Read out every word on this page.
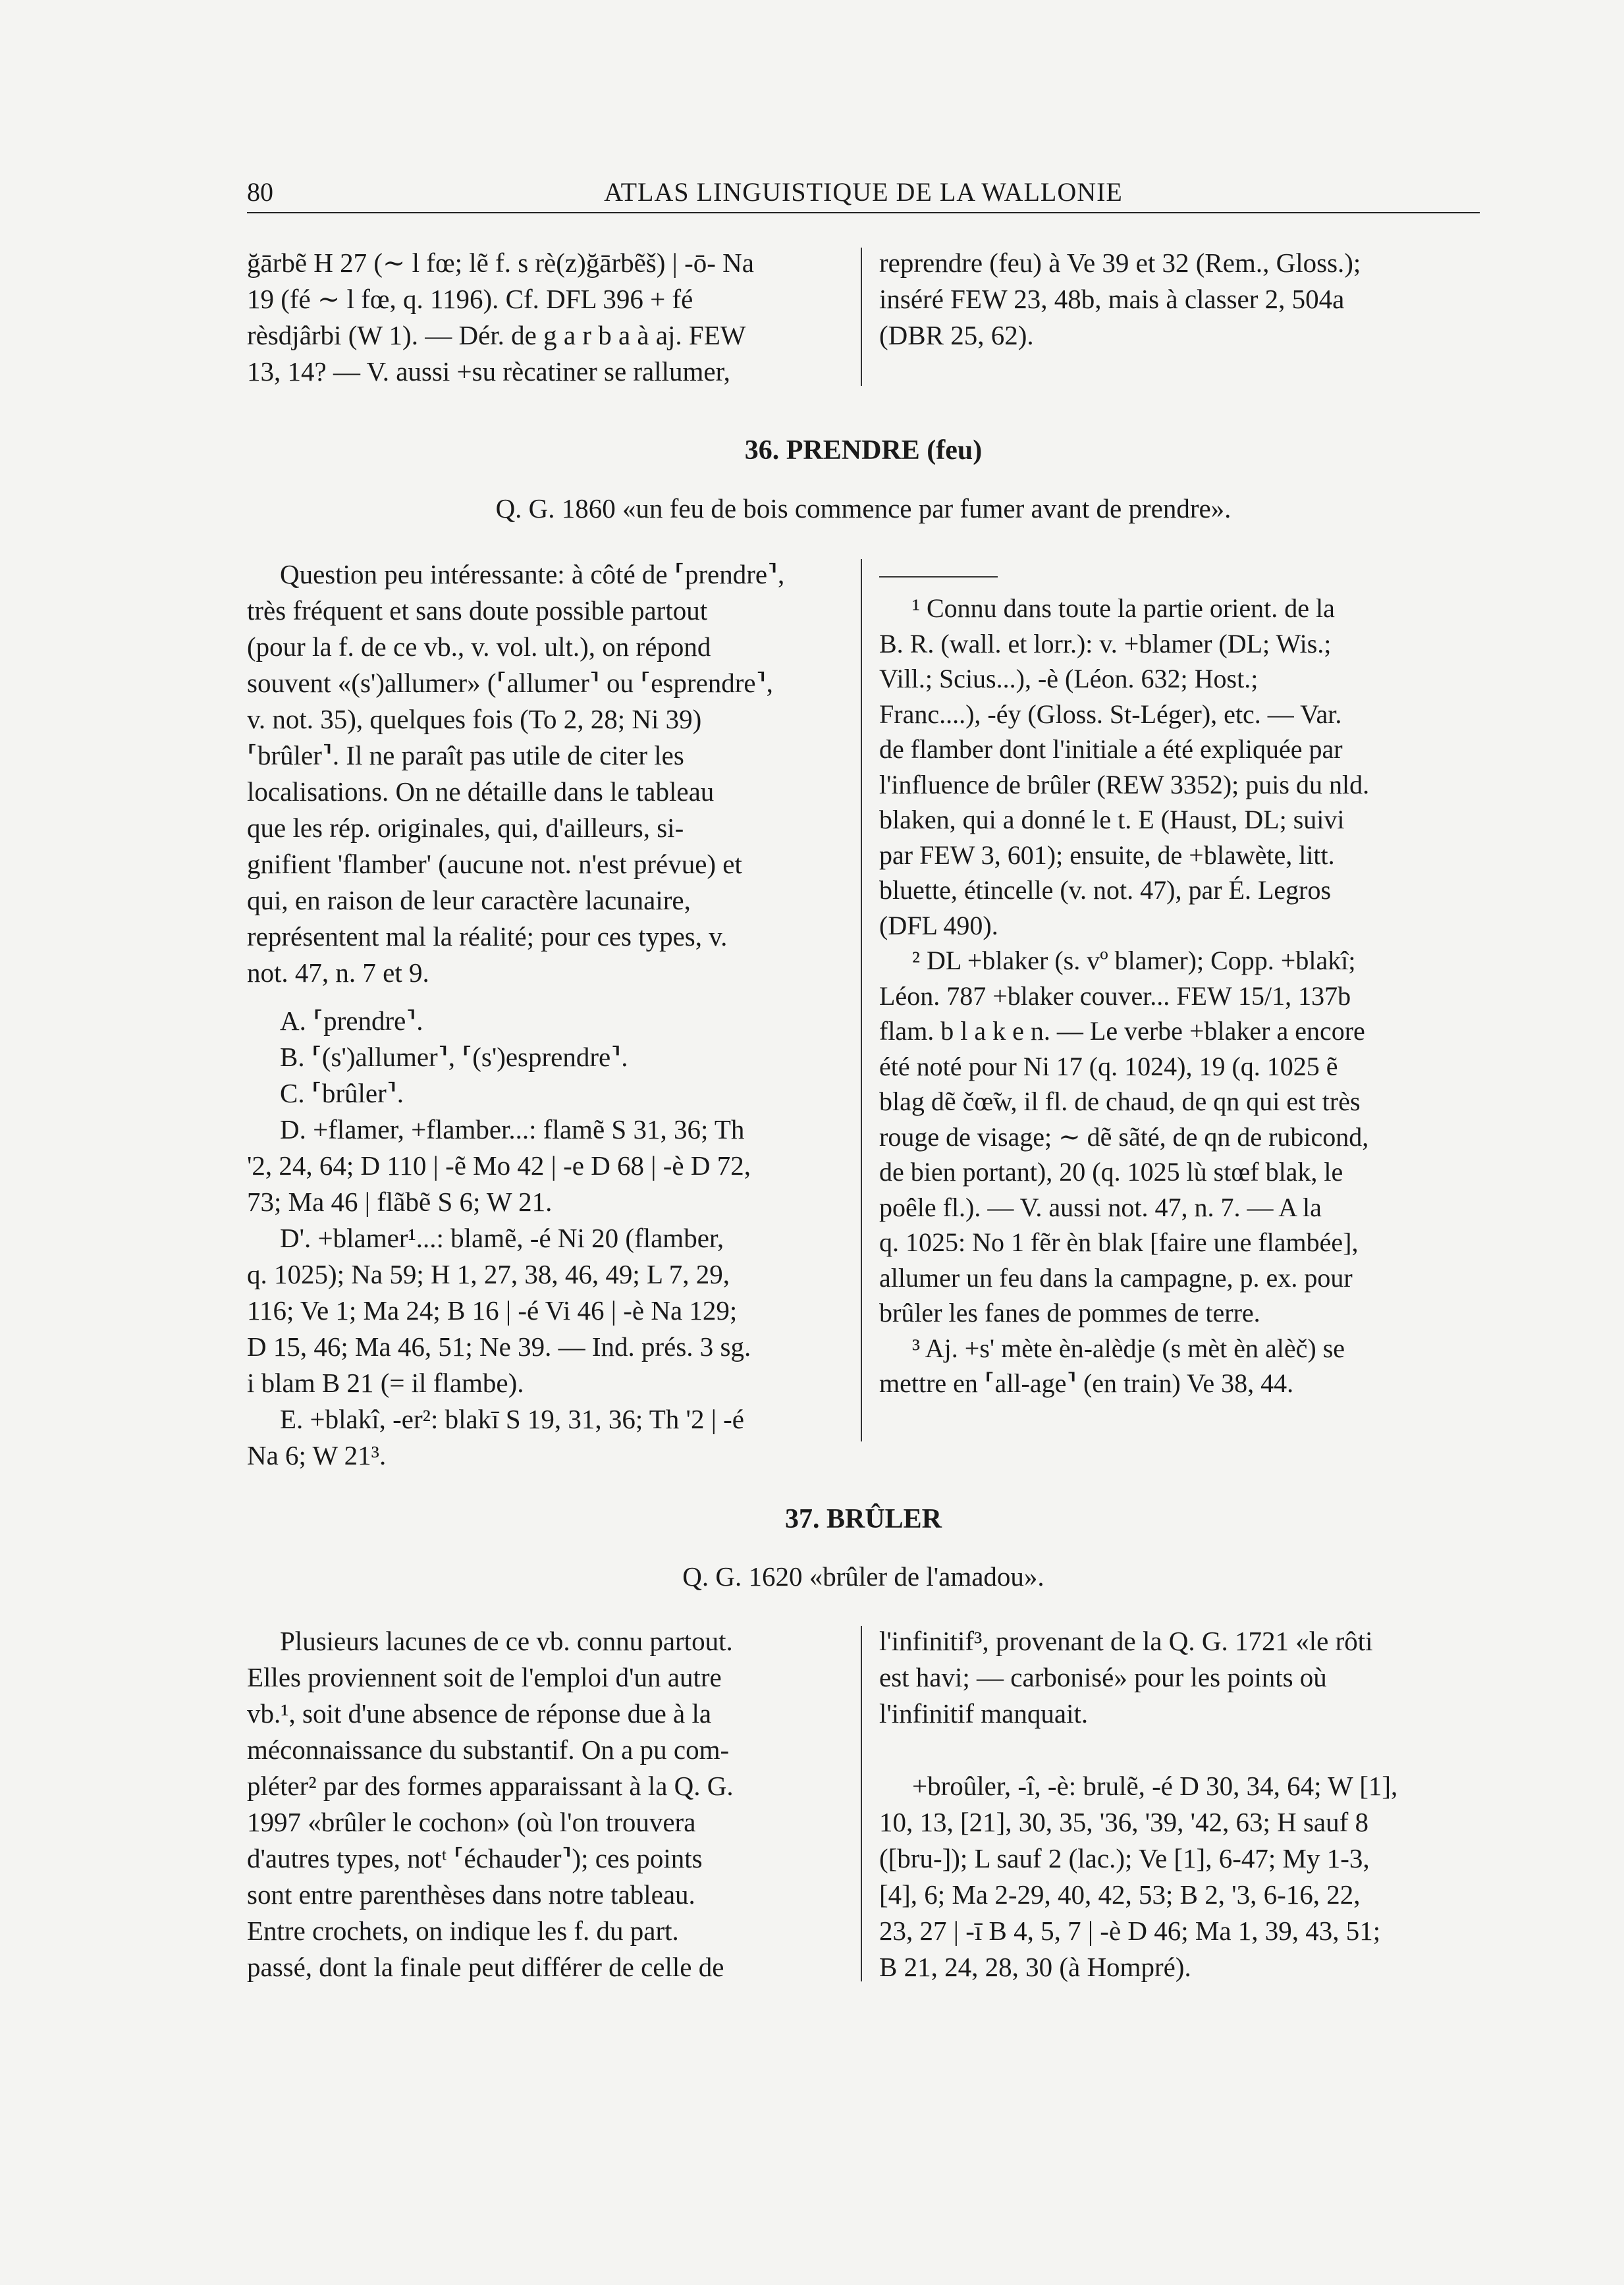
80	ATLAS LINGUISTIQUE DE LA WALLONIE

ğārbẽ H 27 (∼ l fœ; lẽ f. s rè(z)ğārbẽš) | -ō- Na

19 (fé ∼ l fœ, q. 1196). Cf. DFL 396 + fé

rèsdjârbi (W 1). — Dér. de g a r b a à aj. FEW

13, 14? — V. aussi +su rècatiner se rallumer,

reprendre (feu) à Ve 39 et 32 (Rem., Gloss.);

inséré FEW 23, 48b, mais à classer 2, 504a

(DBR 25, 62).

36. PRENDRE (feu)
Q. G. 1860 «un feu de bois commence par fumer avant de prendre».

Question peu intéressante: à côté de ⸢prendre⸣,

très fréquent et sans doute possible partout

(pour la f. de ce vb., v. vol. ult.), on répond

souvent «(s')allumer» (⸢allumer⸣ ou ⸢esprendre⸣,

v. not. 35), quelques fois (To 2, 28; Ni 39)

⸢brûler⸣. Il ne paraît pas utile de citer les

localisations. On ne détaille dans le tableau

que les rép. originales, qui, d'ailleurs, si-

gnifient 'flamber' (aucune not. n'est prévue) et

qui, en raison de leur caractère lacunaire,

représentent mal la réalité; pour ces types, v.

not. 47, n. 7 et 9.

A. ⸢prendre⸣.

B. ⸢(s')allumer⸣, ⸢(s')esprendre⸣.

C. ⸢brûler⸣.

D. +flamer, +flamber...: flamẽ S 31, 36; Th

'2, 24, 64; D 110 | -ẽ Mo 42 | -e D 68 | -è D 72,

73; Ma 46 | flãbẽ S 6; W 21.

D'. +blamer¹...: blamẽ, -é Ni 20 (flamber,

q. 1025); Na 59; H 1, 27, 38, 46, 49; L 7, 29,

116; Ve 1; Ma 24; B 16 | -é Vi 46 | -è Na 129;

D 15, 46; Ma 46, 51; Ne 39. — Ind. prés. 3 sg.

i blam B 21 (= il flambe).

E. +blakî, -er²: blakī S 19, 31, 36; Th '2 | -é

Na 6; W 21³.

¹ Connu dans toute la partie orient. de la

B. R. (wall. et lorr.): v. +blamer (DL; Wis.;

Vill.; Scius...), -è (Léon. 632; Host.;

Franc....), -éy (Gloss. St-Léger), etc. — Var.

de flamber dont l'initiale a été expliquée par

l'influence de brûler (REW 3352); puis du nld.

blaken, qui a donné le t. E (Haust, DL; suivi

par FEW 3, 601); ensuite, de +blawète, litt.

bluette, étincelle (v. not. 47), par É. Legros

(DFL 490).

² DL +blaker (s. vº blamer); Copp. +blakî;

Léon. 787 +blaker couver... FEW 15/1, 137b

flam. b l a k e n. — Le verbe +blaker a encore

été noté pour Ni 17 (q. 1024), 19 (q. 1025 ẽ

blag dẽ čœ̃w, il fl. de chaud, de qn qui est très

rouge de visage; ∼ dẽ sãté, de qn de rubicond,

de bien portant), 20 (q. 1025 lù stœf blak, le

poêle fl.). — V. aussi not. 47, n. 7. — A la

q. 1025: No 1 fẽr èn blak [faire une flambée],

allumer un feu dans la campagne, p. ex. pour

brûler les fanes de pommes de terre.

³ Aj. +s' mète èn-alèdje (s mèt èn alèč) se

mettre en ⸢all-age⸣ (en train) Ve 38, 44.

37. BRÛLER
Q. G. 1620 «brûler de l'amadou».

Plusieurs lacunes de ce vb. connu partout.

Elles proviennent soit de l'emploi d'un autre

vb.¹, soit d'une absence de réponse due à la

méconnaissance du substantif. On a pu com-

pléter² par des formes apparaissant à la Q. G.

1997 «brûler le cochon» (où l'on trouvera

d'autres types, notᵗ ⸢échauder⸣); ces points

sont entre parenthèses dans notre tableau.

Entre crochets, on indique les f. du part.

passé, dont la finale peut différer de celle de

l'infinitif³, provenant de la Q. G. 1721 «le rôti

est havi; — carbonisé» pour les points où

l'infinitif manquait.

+broûler, -î, -è: brulẽ, -é D 30, 34, 64; W [1],

10, 13, [21], 30, 35, '36, '39, '42, 63; H sauf 8

([bru-]); L sauf 2 (lac.); Ve [1], 6-47; My 1-3,

[4], 6; Ma 2-29, 40, 42, 53; B 2, '3, 6-16, 22,

23, 27 | -ī B 4, 5, 7 | -è D 46; Ma 1, 39, 43, 51;

B 21, 24, 28, 30 (à Hompré).
